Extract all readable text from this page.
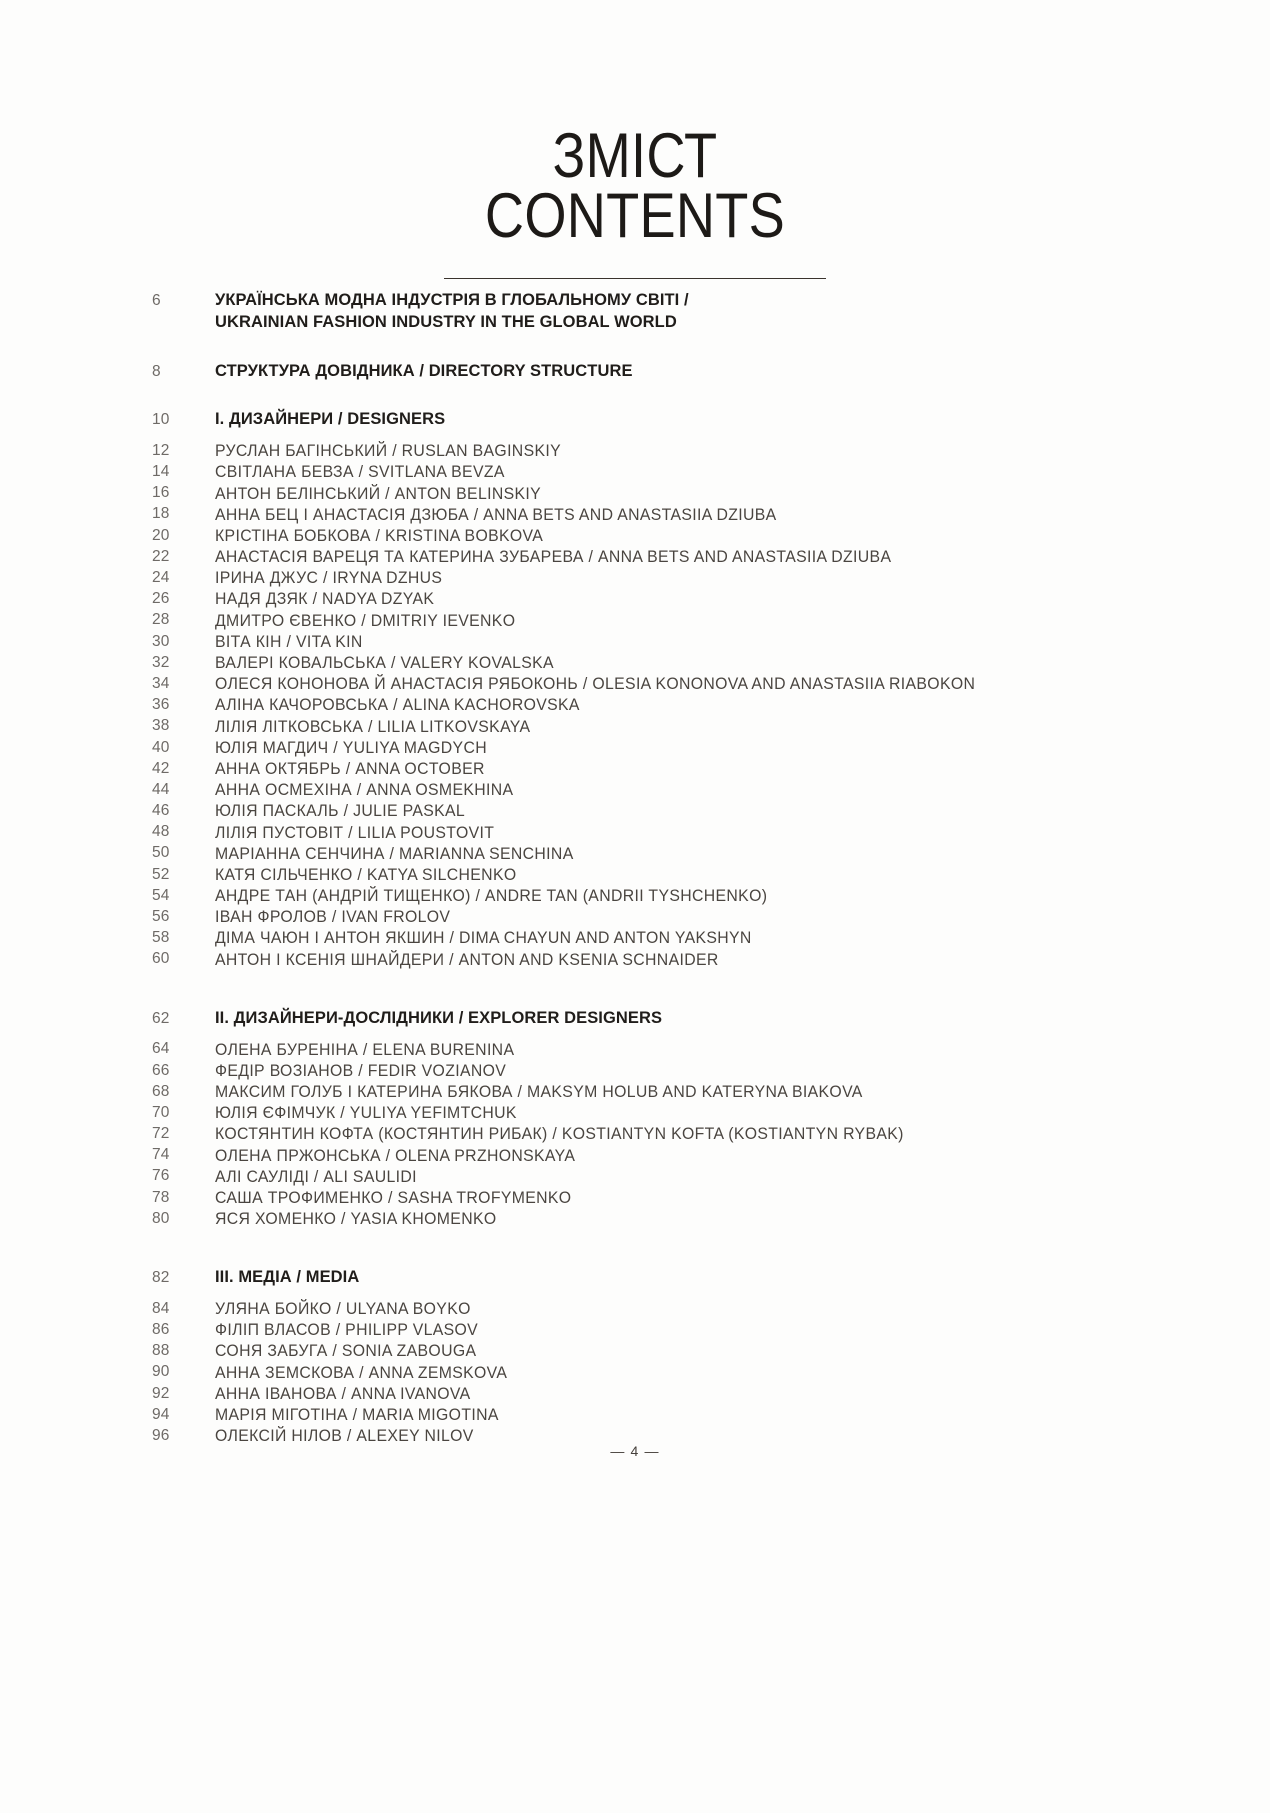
ЗМІСТ
CONTENTS
6	УКРАЇНСЬКА МОДНА ІНДУСТРІЯ В ГЛОБАЛЬНОМУ СВІТІ /
UKRAINIAN FASHION INDUSTRY IN THE GLOBAL WORLD
8	СТРУКТУРА ДОВІДНИКА / DIRECTORY STRUCTURE
10	I. ДИЗАЙНЕРИ / DESIGNERS
12	РУСЛАН БАГІНСЬКИЙ / RUSLAN BAGINSKIY
14	СВІТЛАНА БЕВЗА / SVITLANA BEVZA
16	АНТОН БЕЛІНСЬКИЙ / ANTON BELINSKIY
18	АННА БЕЦ І АНАСТАСІЯ ДЗЮБА / ANNA BETS AND ANASTASIIA DZIUBA
20	КРІСТІНА БОБКОВА / KRISTINA BOBKOVA
22	АНАСТАСІЯ ВАРЕЦЯ ТА КАТЕРИНА ЗУБАРЕВА / ANNA BETS AND ANASTASIIA DZIUBA
24	ІРИНА ДЖУС / IRYNA DZHUS
26	НАДЯ ДЗЯК / NADYA DZYAK
28	ДМИТРО ЄВЕНКО / DMITRIY IEVENKO
30	ВІТА КІН / VITA KIN
32	ВАЛЕРІ КОВАЛЬСЬКА / VALERY KOVALSKA
34	ОЛЕСЯ КОНОНОВА Й АНАСТАСІЯ РЯБОКОНЬ / OLESIA KONONOVA AND ANASTASIIA RIABOKON
36	АЛІНА КАЧОРОВСЬКА / ALINA KACHOROVSKA
38	ЛІЛІЯ ЛІТКОВСЬКА / LILIA LITKOVSKAYA
40	ЮЛІЯ МАГДИЧ / YULIYA MAGDYCH
42	АННА ОКТЯБРЬ / ANNA OCTOBER
44	АННА ОСМЕХІНА / ANNA OSMEKHINA
46	ЮЛІЯ ПАСКАЛЬ / JULIE PASKAL
48	ЛІЛІЯ ПУСТОВІТ / LILIA POUSTOVIT
50	МАРІАННА СЕНЧИНА / MARIANNA SENCHINA
52	КАТЯ СІЛЬЧЕНКО / KATYA SILCHENKO
54	АНДРЕ ТАН (АНДРІЙ ТИЩЕНКО) / ANDRE TAN (ANDRII TYSHCHENKO)
56	ІВАН ФРОЛОВ / IVAN FROLOV
58	ДІМА ЧАЮН І АНТОН ЯКШИН / DIMA CHAYUN AND ANTON YAKSHYN
60	АНТОН І КСЕНІЯ ШНАЙДЕРИ / ANTON AND KSENIA SCHNAIDER
62	II. ДИЗАЙНЕРИ-ДОСЛІДНИКИ / EXPLORER DESIGNERS
64	ОЛЕНА БУРЕНІНА / ELENA BURENINA
66	ФЕДІР ВОЗІАНОВ / FEDIR VOZIANOV
68	МАКСИМ ГОЛУБ І КАТЕРИНА БЯКОВА / MAKSYM HOLUB AND KATERYNA BIAKOVA
70	ЮЛІЯ ЄФІМЧУК / YULIYA YEFIMTCHUK
72	КОСТЯНТИН КОФТА (КОСТЯНТИН РИБАК) / KOSTIANTYN KOFTA (KOSTIANTYN RYBAK)
74	ОЛЕНА ПРЖОНСЬКА / OLENA PRZHONSKAYA
76	АЛІ САУЛІДІ / ALI SAULIDI
78	САША ТРОФИМЕНКО / SASHA TROFYMENKO
80	ЯСЯ ХОМЕНКО / YASIA KHOMENKO
82	III. МЕДІА / MEDIA
84	УЛЯНА БОЙКО / ULYANA BOYKO
86	ФІЛІП ВЛАСОВ / PHILIPP VLASOV
88	СОНЯ ЗАБУГА / SONIA ZABOUGA
90	АННА ЗЕМСКОВА / ANNA ZEMSKOVA
92	АННА ІВАНОВА / ANNA IVANOVA
94	МАРІЯ МІГОТІНА / MARIA MIGOTINA
96	ОЛЕКСІЙ НІЛОВ / ALEXEY NILOV
— 4 —
